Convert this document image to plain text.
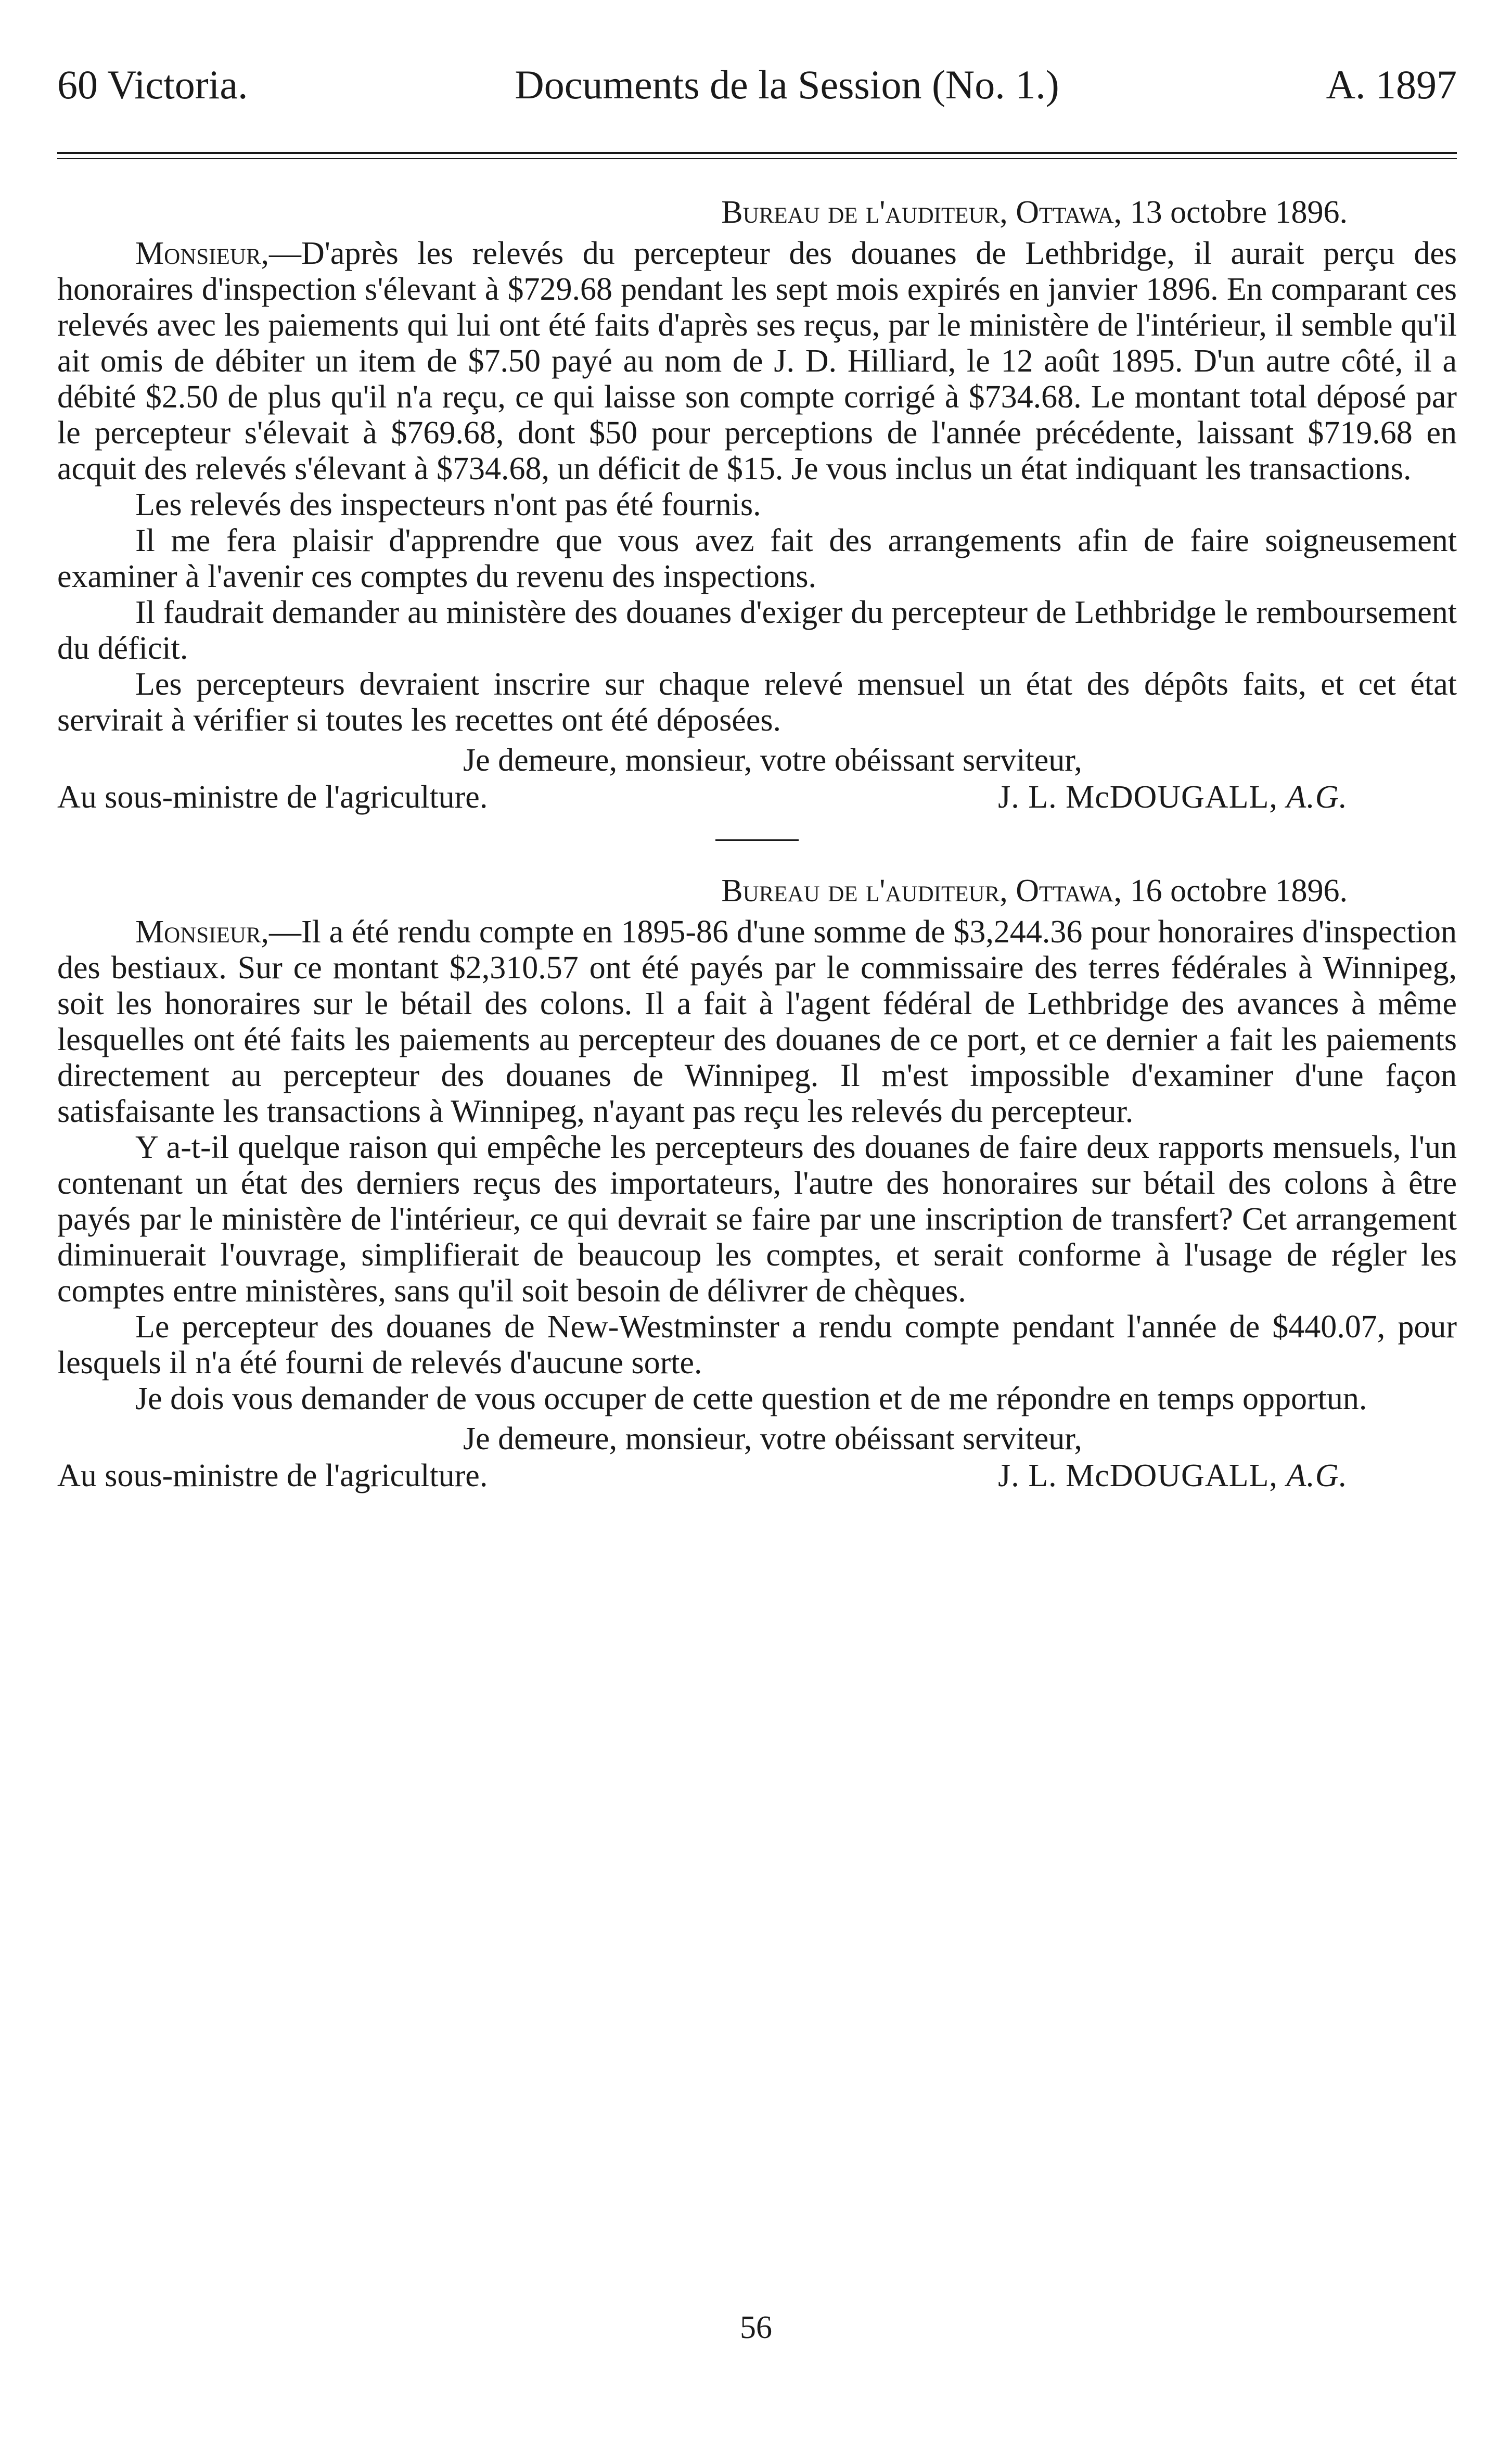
60 Victoria.	Documents de la Session (No. 1.)	A. 1897
Bureau de l'auditeur, Ottawa, 13 octobre 1896.

Monsieur,—D'après les relevés du percepteur des douanes de Lethbridge, il aurait perçu des honoraires d'inspection s'élevant à $729.68 pendant les sept mois expirés en janvier 1896. En comparant ces relevés avec les paiements qui lui ont été faits d'après ses reçus, par le ministère de l'intérieur, il semble qu'il ait omis de débiter un item de $7.50 payé au nom de J. D. Hilliard, le 12 août 1895. D'un autre côté, il a débité $2.50 de plus qu'il n'a reçu, ce qui laisse son compte corrigé à $734.68. Le montant total déposé par le percepteur s'élevait à $769.68, dont $50 pour perceptions de l'année précédente, laissant $719.68 en acquit des relevés s'élevant à $734.68, un déficit de $15. Je vous inclus un état indiquant les transactions.

Les relevés des inspecteurs n'ont pas été fournis.

Il me fera plaisir d'apprendre que vous avez fait des arrangements afin de faire soigneusement examiner à l'avenir ces comptes du revenu des inspections.

Il faudrait demander au ministère des douanes d'exiger du percepteur de Lethbridge le remboursement du déficit.

Les percepteurs devraient inscrire sur chaque relevé mensuel un état des dépôts faits, et cet état servirait à vérifier si toutes les recettes ont été déposées.

Je demeure, monsieur, votre obéissant serviteur,
Au sous-ministre de l'agriculture.	J. L. McDOUGALL, A.G.
Bureau de l'auditeur, Ottawa, 16 octobre 1896.

Monsieur,—Il a été rendu compte en 1895-86 d'une somme de $3,244.36 pour honoraires d'inspection des bestiaux. Sur ce montant $2,310.57 ont été payés par le commissaire des terres fédérales à Winnipeg, soit les honoraires sur le bétail des colons. Il a fait à l'agent fédéral de Lethbridge des avances à même lesquelles ont été faits les paiements au percepteur des douanes de ce port, et ce dernier a fait les paiements directement au percepteur des douanes de Winnipeg. Il m'est impossible d'examiner d'une façon satisfaisante les transactions à Winnipeg, n'ayant pas reçu les relevés du percepteur.

Y a-t-il quelque raison qui empêche les percepteurs des douanes de faire deux rapports mensuels, l'un contenant un état des derniers reçus des importateurs, l'autre des honoraires sur bétail des colons à être payés par le ministère de l'intérieur, ce qui devrait se faire par une inscription de transfert? Cet arrangement diminuerait l'ouvrage, simplifierait de beaucoup les comptes, et serait conforme à l'usage de régler les comptes entre ministères, sans qu'il soit besoin de délivrer de chèques.

Le percepteur des douanes de New-Westminster a rendu compte pendant l'année de $440.07, pour lesquels il n'a été fourni de relevés d'aucune sorte.

Je dois vous demander de vous occuper de cette question et de me répondre en temps opportun.

Je demeure, monsieur, votre obéissant serviteur,
Au sous-ministre de l'agriculture.	J. L. McDOUGALL, A.G.
56
